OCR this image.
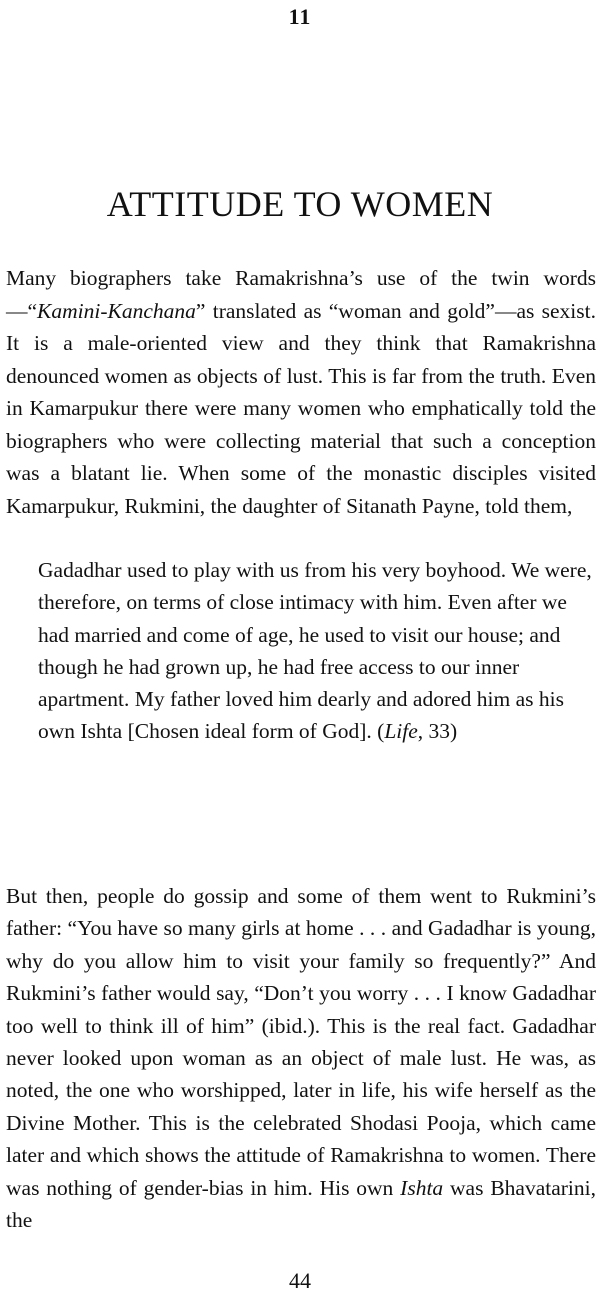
11
ATTITUDE TO WOMEN

Many biographers take Ramakrishna’s use of the twin words—“Kamini-Kanchana” translated as “woman and gold”—as sexist. It is a male-oriented view and they think that Ramakrishna denounced women as objects of lust. This is far from the truth. Even in Kamarpukur there were many women who emphatically told the biographers who were collecting material that such a conception was a blatant lie. When some of the monastic disciples visited Kamarpukur, Rukmini, the daughter of Sitanath Payne, told them,

Gadadhar used to play with us from his very boyhood. We were, therefore, on terms of close intimacy with him. Even after we had married and come of age, he used to visit our house; and though he had grown up, he had free access to our inner apartment. My father loved him dearly and adored him as his own Ishta [Chosen ideal form of God]. (Life, 33)

But then, people do gossip and some of them went to Rukmini’s father: “You have so many girls at home . . . and Gadadhar is young, why do you allow him to visit your family so frequently?” And Rukmini’s father would say, “Don’t you worry . . . I know Gadadhar too well to think ill of him” (ibid.). This is the real fact. Gadadhar never looked upon woman as an object of male lust. He was, as noted, the one who worshipped, later in life, his wife herself as the Divine Mother. This is the celebrated Shodasi Pooja, which came later and which shows the attitude of Ramakrishna to women. There was nothing of gender-bias in him. His own Ishta was Bhavatarini, the

44
